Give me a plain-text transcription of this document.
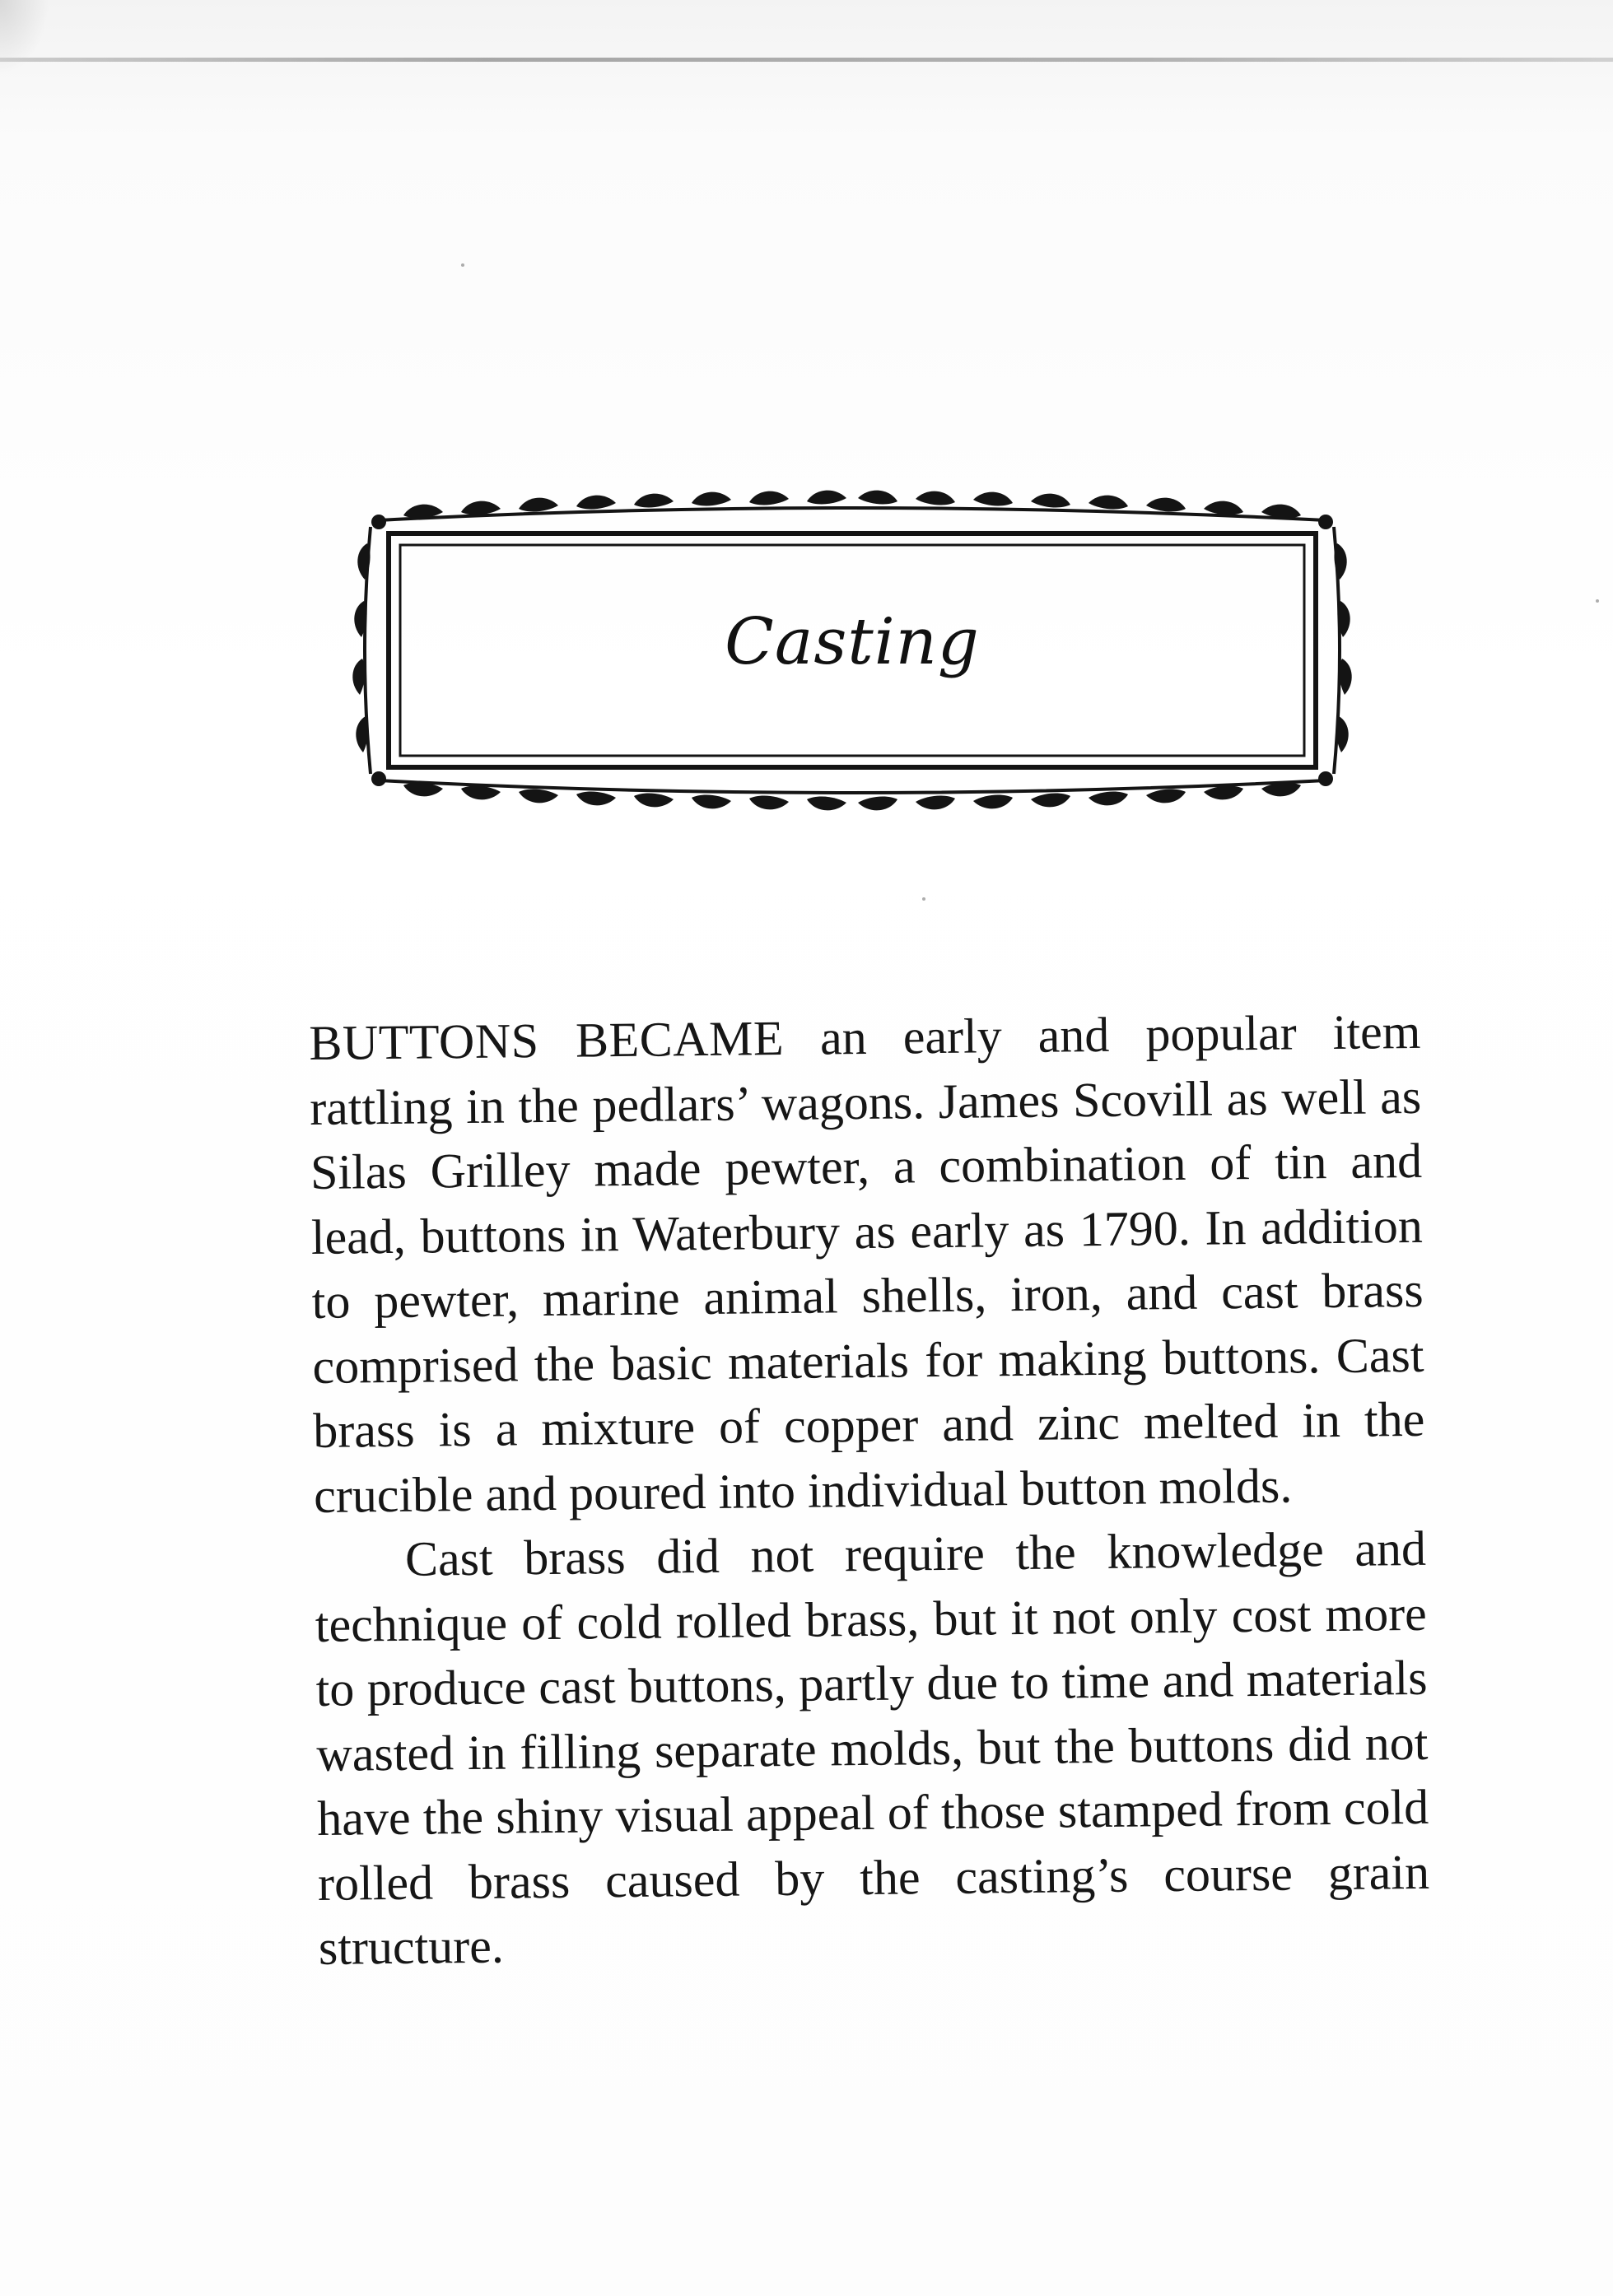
Casting

BUTTONS BECAME an early and popular item rattling in the pedlars’ wagons. James Scovill as well as Silas Grilley made pewter, a combination of tin and lead, buttons in Waterbury as early as 1790. In addition to pewter, marine animal shells, iron, and cast brass comprised the basic materials for making buttons. Cast brass is a mixture of copper and zinc melted in the crucible and poured into individual button molds.

Cast brass did not require the knowledge and technique of cold rolled brass, but it not only cost more to produce cast buttons, partly due to time and materials wasted in filling separate molds, but the buttons did not have the shiny visual appeal of those stamped from cold rolled brass caused by the casting’s course grain structure.
